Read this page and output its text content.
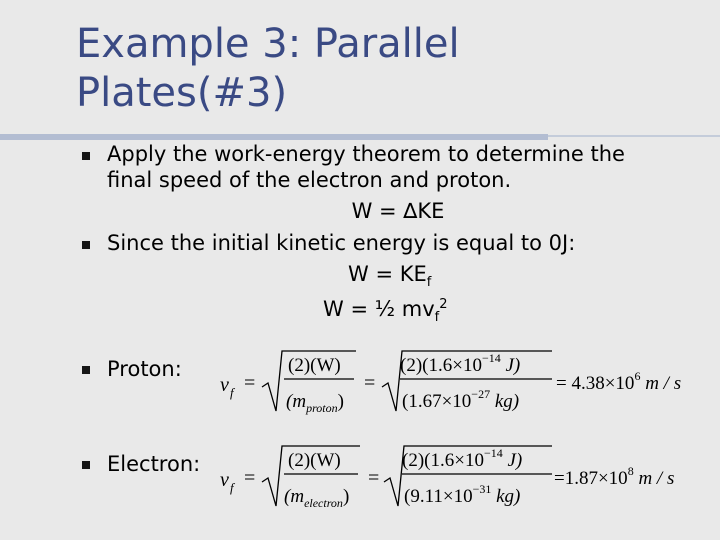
Example 3: Parallel
Plates(#3)
Apply the work-energy theorem to determine the
final speed of the electron and proton.
W = ∆KE
Since the initial kinetic energy is equal to 0J:
$W = KE_f$
W = ½ $mv_f^2$
Proton:
v f =
(2)(W)
$(m_{proton})$
=
$(2)(1.6\times 10^{-14}$ J)
($1.67\times 10^{-27}$ kg)
= $4.38\times 10^6$ m / s
Electron:
v f =
(2)(W)
$(m_{electron})$
=
$(2)(1.6\times 10^{-14}$ J)
($9.11\times 10^{-31}$ kg)
$=1.87\times 10^8$ m / s
